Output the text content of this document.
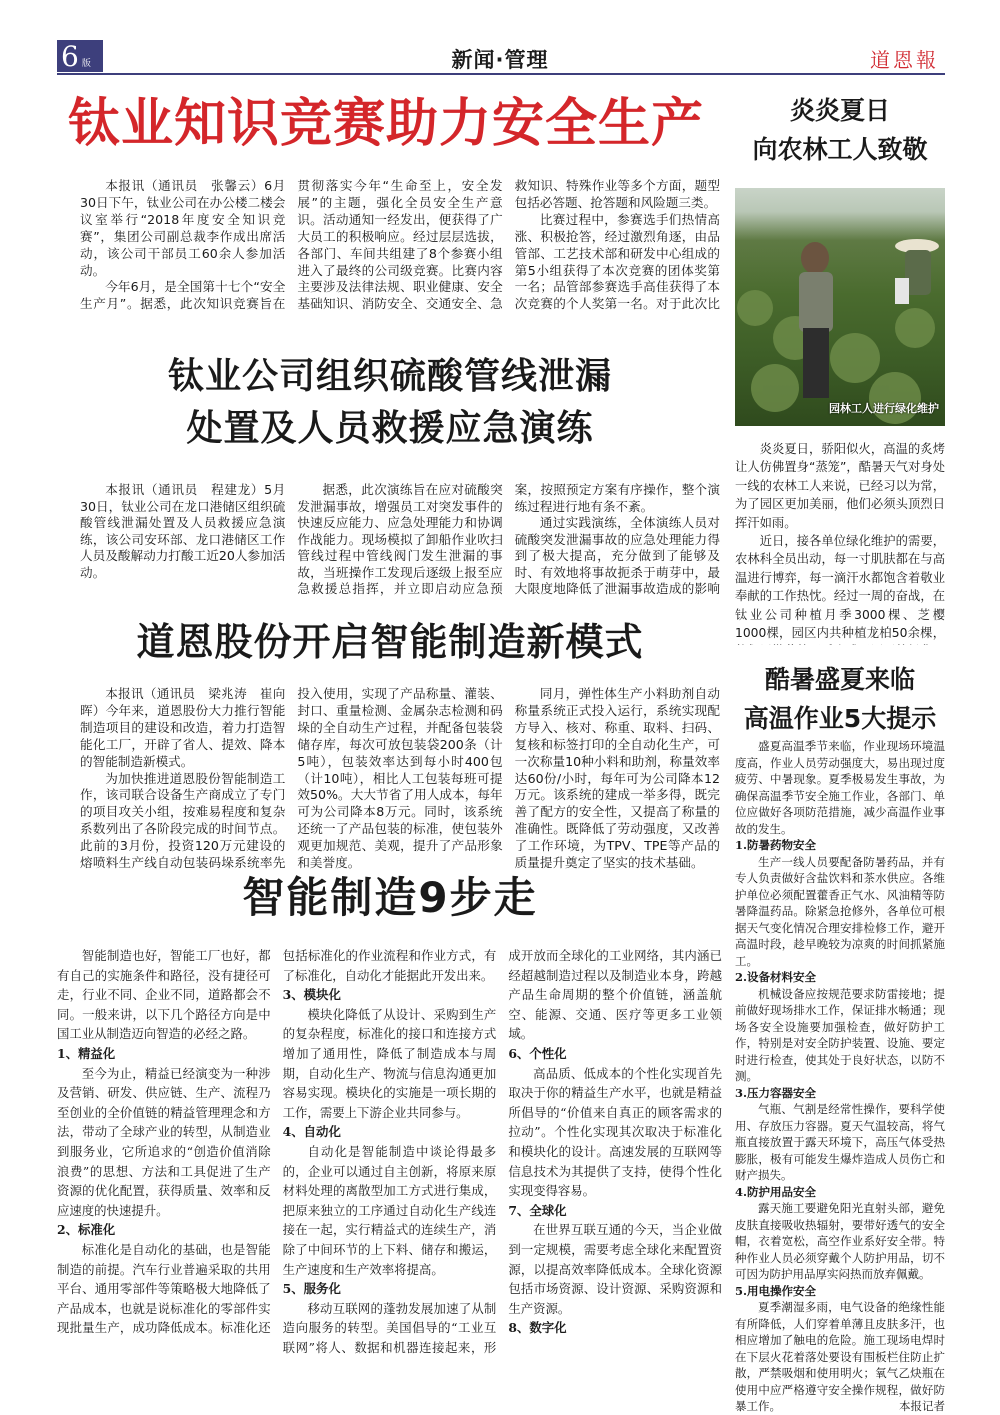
6 版	新闻·管理	道恩報
钛业知识竞赛助力安全生产

本报讯（通讯员　张馨云）6月30日下午，钛业公司在办公楼二楼会议室举行“2018年度安全知识竞赛”，集团公司副总裁李作成出席活动，该公司干部员工60余人参加活动。

今年6月，是全国第十七个“安全生产月”。据悉，此次知识竞赛旨在贯彻落实今年“生命至上，安全发展”的主题，强化全员安全生产意识。活动通知一经发出，便获得了广大员工的积极响应。经过层层选拔，各部门、车间共组建了8个参赛小组进入了最终的公司级竞赛。比赛内容主要涉及法律法规、职业健康、安全基础知识、消防安全、交通安全、急救知识、特殊作业等多个方面，题型包括必答题、抢答题和风险题三类。

比赛过程中，参赛选手们热情高涨、积极抢答，经过激烈角逐，由品管部、工艺技术部和研发中心组成的第5小组获得了本次竞赛的团体奖第一名；品管部参赛选手高佳获得了本次竞赛的个人奖第一名。对于此次比

炎炎夏日
向农林工人致敬
园林工人进行绿化维护

炎炎夏日，骄阳似火，高温的炙烤让人仿佛置身“蒸笼”，酷暑天气对身处一线的农林工人来说，已经习以为常，为了园区更加美丽，他们必须头顶烈日挥汗如雨。

近日，接各单位绿化维护的需要，农林科全员出动，每一寸肌肤都在与高温进行博弈，每一滴汗水都饱含着敬业奉献的工作热忱。经过一周的奋战，在钛业公司种植月季3000棵、芝樱1000棵，园区内共种植龙柏50余棵，　　　

钛业公司组织硫酸管线泄漏
处置及人员救援应急演练

本报讯（通讯员　程建龙）5月30日，钛业公司在龙口港储区组织硫酸管线泄漏处置及人员救援应急演练，该公司安环部、龙口港储区工作人员及酸解动力打酸工近20人参加活动。

据悉，此次演练旨在应对硫酸突发泄漏事故，增强员工对突发事件的快速反应能力、应急处理能力和协调作战能力。现场模拟了卸船作业吹扫管线过程中管线阀门发生泄漏的事故，当班操作工发现后逐级上报至应急救援总指挥，并立即启动应急预案，按照预定方案有序操作，整个演练过程进行地有条不紊。

通过实践演练，全体演练人员对硫酸突发泄漏事故的应急处理能力得到了极大提高，充分做到了能够及时、有效地将事故扼杀于萌芽中，最大限度地降低了泄漏事故造成的影响

道恩股份开启智能制造新模式

本报讯（通讯员　梁兆涛　崔向晖）今年来，道恩股份大力推行智能制造项目的建设和改造，着力打造智能化工厂，开辟了省人、提效、降本的智能制造新模式。

为加快推进道恩股份智能制造工作，该司联合设备生产商成立了专门的项目攻关小组，按难易程度和复杂系数列出了各阶段完成的时间节点。此前的3月份，投资120万元建设的熔喷料生产线自动包装码垛系统率先投入使用，实现了产品称量、灌装、封口、重量检测、金属杂志检测和码垛的全自动生产过程，并配备包装袋储存库，每次可放包装袋200条（计5吨），包装效率达到每小时400包（计10吨），相比人工包装每班可提效50%。大大节省了用人成本，每年可为公司降本8万元。同时，该系统还统一了产品包装的标准，使包装外观更加规范、美观，提升了产品形象和美誉度。

同月，弹性体生产小料助剂自动称量系统正式投入运行，系统实现配方导入、核对、称重、取料、扫码、复核和标签打印的全自动化生产，可一次称量10种小料和助剂，称量效率达60份/小时，每年可为公司降本12万元。该系统的建成一举多得，既完善了配方的安全性，又提高了称量的准确性。既降低了劳动强度，又改善了工作环境，为TPV、TPE等产品的质量提升奠定了坚实的技术基础。

酷暑盛夏来临
高温作业5大提示

盛夏高温季节来临，作业现场环境温度高，作业人员劳动强度大，易出现过度疲劳、中暑现象。夏季极易发生事故，为确保高温季节安全施工作业，各部门、单位应做好各项防范措施，减少高温作业事故的发生。

1.防暑药物安全

生产一线人员要配备防暑药品，并有专人负责做好含盐饮料和茶水供应。各维护单位必须配置藿香正气水、风油精等防暑降温药品。除紧急抢修外，各单位可根据天气变化情况合理安排检修工作，避开高温时段，趁早晚较为凉爽的时间抓紧施工。

2.设备材料安全

机械设备应按规范要求防雷接地；提前做好现场排水工作，保证排水畅通；现场各安全设施要加强检查，做好防护工作，特别是对安全防护装置、设施、要定时进行检查，使其处于良好状态，以防不测。

3.压力容器安全

气瓶、气割是经常性操作，要科学使用、存放压力容器。夏天气温较高，将气瓶直接放置于露天环境下，高压气体受热膨胀，极有可能发生爆炸造成人员伤亡和财产损失。

4.防护用品安全

露天施工要避免阳光直射头部，避免皮肤直接吸收热辐射，要带好透气的安全帽，衣着宽松，高空作业系好安全带。特种作业人员必须穿戴个人防护用品，切不可因为防护用品厚实闷热而放弃佩戴。

5.用电操作安全

夏季潮湿多雨，电气设备的绝缘性能有所降低，人们穿着单薄且皮肤多汗，也相应增加了触电的危险。施工现场电焊时在下层火花着落处要设有围板栏住防止扩散，严禁吸烟和使用明火；氧气乙炔瓶在使用中应严格遵守安全操作规程，做好防暴工作。	本报记者

智能制造9步走

智能制造也好，智能工厂也好，都有自己的实施条件和路径，没有捷径可走，行业不同、企业不同，道路都会不同。一般来讲，以下几个路径方向是中国工业从制造迈向智造的必经之路。

1、精益化

至今为止，精益已经演变为一种涉及营销、研发、供应链、生产、流程乃至创业的全价值链的精益管理理念和方法，带动了全球产业的转型，从制造业到服务业，它所追求的“创造价值消除浪费”的思想、方法和工具促进了生产资源的优化配置，获得质量、效率和反应速度的快速提升。

2、标准化

标准化是自动化的基础，也是智能制造的前提。汽车行业普遍采取的共用平台、通用零部件等策略极大地降低了产品成本，也就是说标准化的零部件实现批量生产，成功降低成本。标准化还包括标准化的作业流程和作业方式，有了标准化，自动化才能据此开发出来。

3、模块化

模块化降低了从设计、采购到生产的复杂程度，标准化的接口和连接方式增加了通用性，降低了制造成本与周期，自动化生产、物流与信息沟通更加容易实现。模块化的实施是一项长期的工作，需要上下游企业共同参与。

4、自动化

自动化是智能制造中谈论得最多的，企业可以通过自主创新，将原来原材料处理的离散型加工方式进行集成，把原来独立的工序通过自动化生产线连接在一起，实行精益式的连续生产，消除了中间环节的上下料、储存和搬运，生产速度和生产效率将提高。

5、服务化

移动互联网的蓬勃发展加速了从制造向服务的转型。美国倡导的“工业互联网”将人、数据和机器连接起来，形成开放而全球化的工业网络，其内涵已经超越制造过程以及制造业本身，跨越产品生命周期的整个价值链，涵盖航空、能源、交通、医疗等更多工业领域。

6、个性化

高品质、低成本的个性化实现首先取决于你的精益生产水平，也就是精益所倡导的“价值来自真正的顾客需求的拉动”。个性化实现其次取决于标准化和模块化的设计。高速发展的互联网等信息技术为其提供了支持，使得个性化实现变得容易。

7、全球化

在世界互联互通的今天，当企业做到一定规模，需要考虑全球化来配置资源，以提高效率降低成本。全球化资源包括市场资源、设计资源、采购资源和生产资源。

8、数字化
